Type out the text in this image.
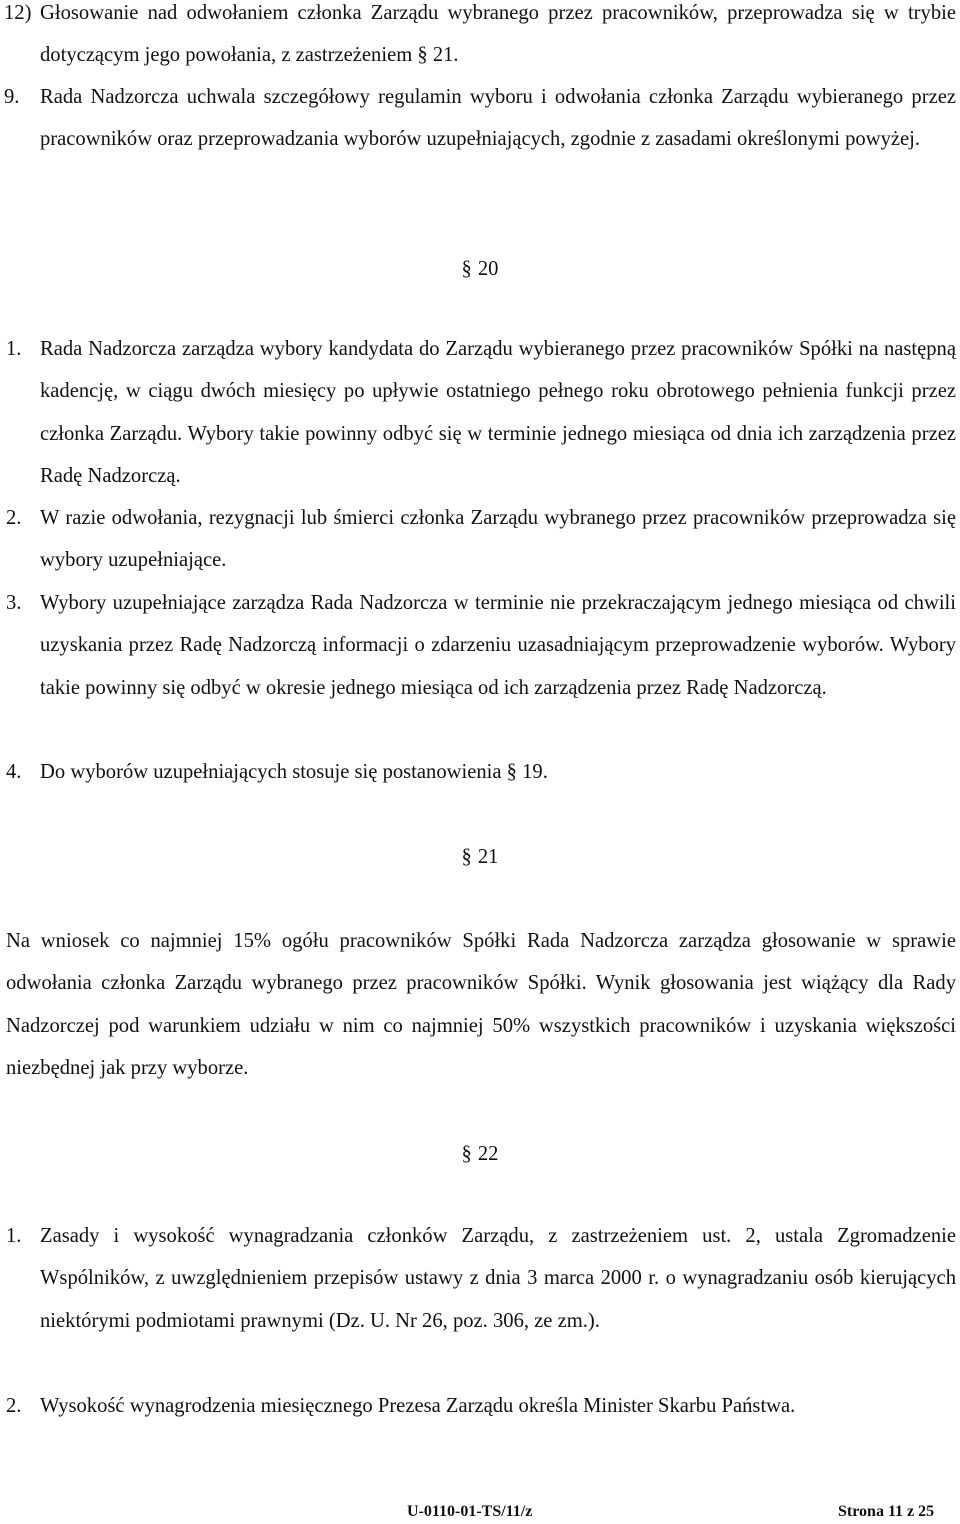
12) Głosowanie nad odwołaniem członka Zarządu wybranego przez pracowników, przeprowadza się w trybie dotyczącym jego powołania, z zastrzeżeniem § 21.
9. Rada Nadzorcza uchwala szczegółowy regulamin wyboru i odwołania członka Zarządu wybieranego przez pracowników oraz przeprowadzania wyborów uzupełniających, zgodnie z zasadami określonymi powyżej.
§ 20
1. Rada Nadzorcza zarządza wybory kandydata do Zarządu wybieranego przez pracowników Spółki na następną kadencję, w ciągu dwóch miesięcy po upływie ostatniego pełnego roku obrotowego pełnienia funkcji przez członka Zarządu. Wybory takie powinny odbyć się w terminie jednego miesiąca od dnia ich zarządzenia przez Radę Nadzorczą.
2. W razie odwołania, rezygnacji lub śmierci członka Zarządu wybranego przez pracowników przeprowadza się wybory uzupełniające.
3. Wybory uzupełniające zarządza Rada Nadzorcza w terminie nie przekraczającym jednego miesiąca od chwili uzyskania przez Radę Nadzorczą informacji o zdarzeniu uzasadniającym przeprowadzenie wyborów. Wybory takie powinny się odbyć w okresie jednego miesiąca od ich zarządzenia przez Radę Nadzorczą.
4. Do wyborów uzupełniających stosuje się postanowienia § 19.
§ 21
Na wniosek co najmniej 15% ogółu pracowników Spółki Rada Nadzorcza zarządza głosowanie w sprawie odwołania członka Zarządu wybranego przez pracowników Spółki. Wynik głosowania jest wiążący dla Rady Nadzorczej pod warunkiem udziału w nim co najmniej 50% wszystkich pracowników i uzyskania większości niezbędnej jak przy wyborze.
§ 22
1. Zasady i wysokość wynagradzania członków Zarządu, z zastrzeżeniem ust. 2, ustala Zgromadzenie Wspólników, z uwzględnieniem przepisów ustawy z dnia 3 marca 2000 r. o wynagradzaniu osób kierujących niektórymi podmiotami prawnymi (Dz. U. Nr 26, poz. 306, ze zm.).
2. Wysokość wynagrodzenia miesięcznego Prezesa Zarządu określa Minister Skarbu Państwa.
U-0110-01-TS/11/z	Strona 11 z 25
